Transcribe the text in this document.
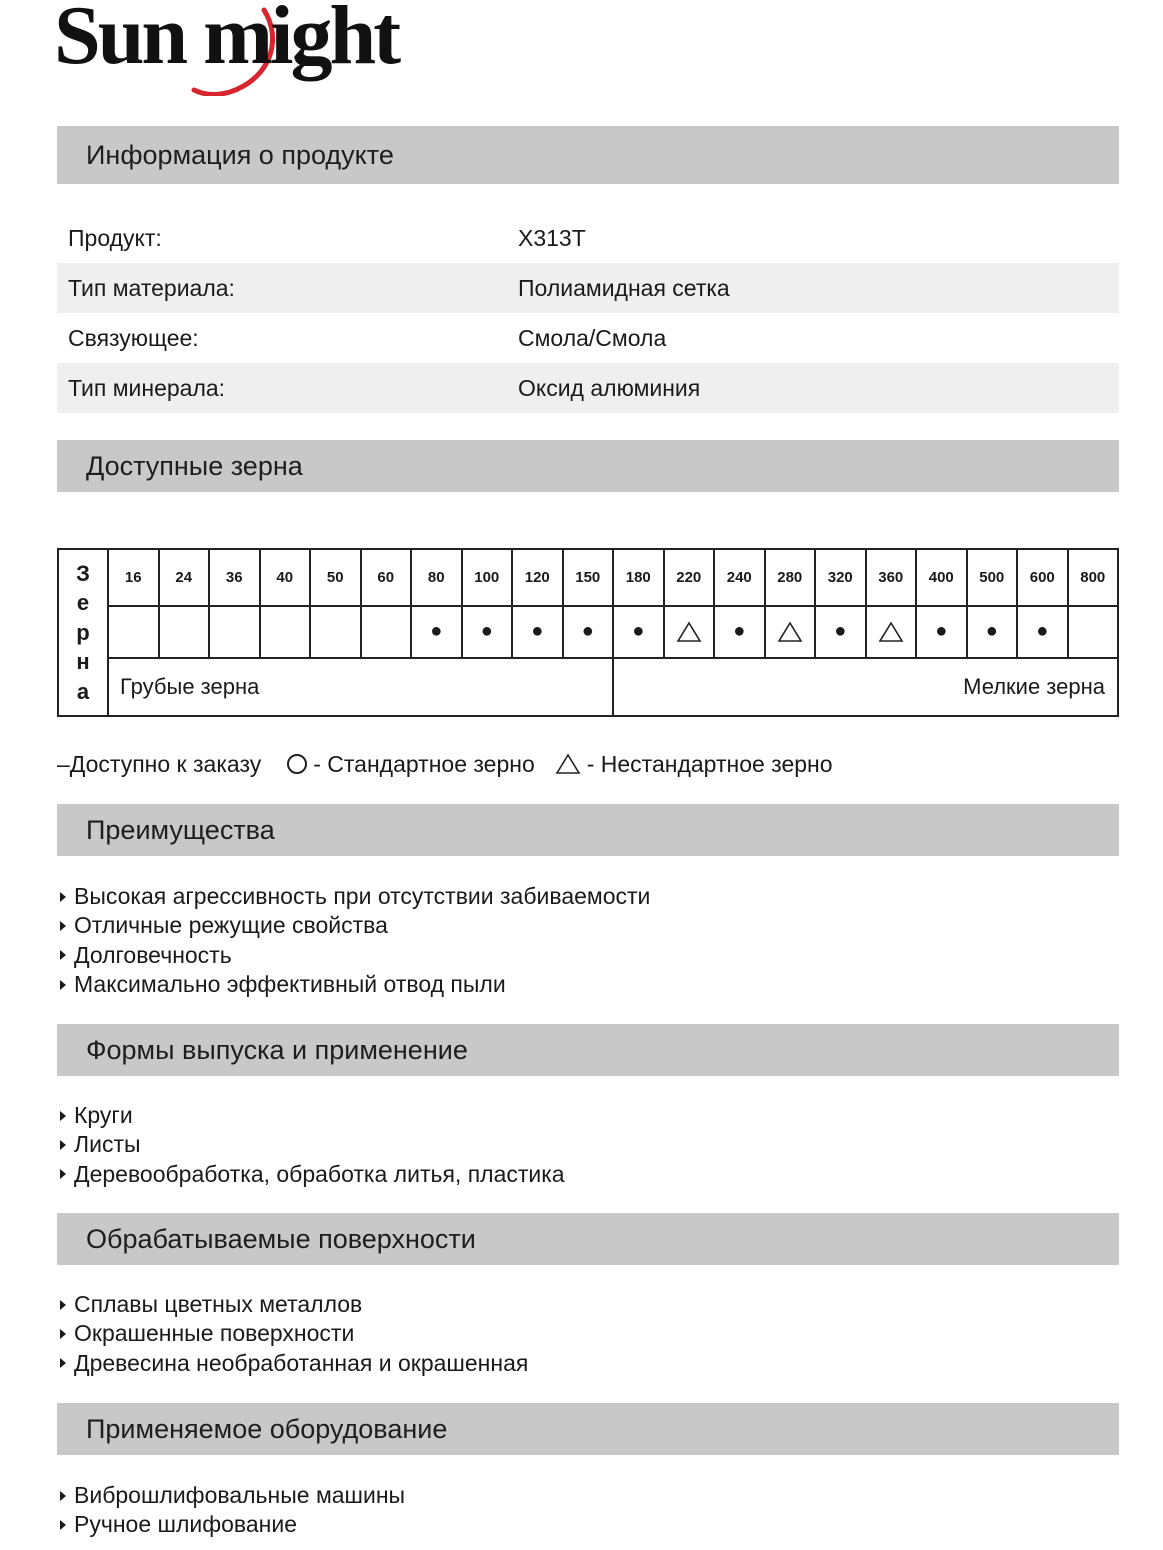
Sun might
Информация о продукте
Продукт:	X313T
Тип материала:	Полиамидная сетка
Связующее:	Смола/Смола
Тип минерала:	Оксид алюминия
Доступные зерна
З
е
р
н
а	16	24	36	40	50	60	80	100	120	150	180	220	240	280	320	360	400	500	600	800
							●	●	●	●	●		●		●		●	●	●	
	Грубые зерна										Мелкие зерна									
– Доступно к заказу - Стандартное зерно - Нестандартное зерно
Преимущества
Высокая агрессивность при отсутствии забиваемости
Отличные режущие свойства
Долговечность
Максимально эффективный отвод пыли
Формы выпуска и применение
Круги
Листы
Деревообработка, обработка литья, пластика
Обрабатываемые поверхности
Сплавы цветных металлов
Окрашенные поверхности
Древесина необработанная и окрашенная
Применяемое оборудование
Виброшлифовальные машины
Ручное шлифование
